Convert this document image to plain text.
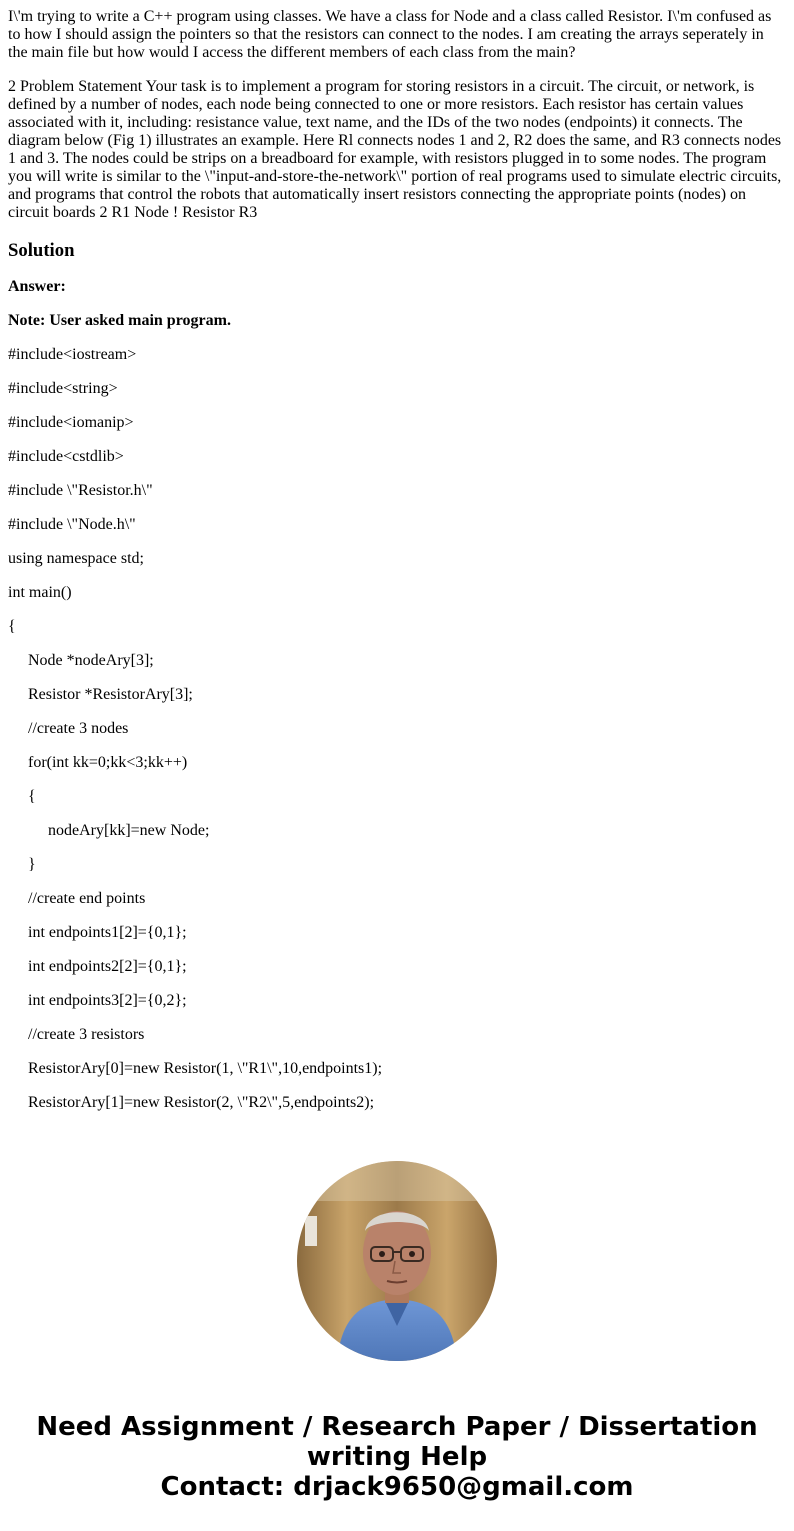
I\'m trying to write a C++ program using classes. We have a class for Node and a class called Resistor. I\'m confused as to how I should assign the pointers so that the resistors can connect to the nodes. I am creating the arrays seperately in the main file but how would I access the different members of each class from the main?

2 Problem Statement Your task is to implement a program for storing resistors in a circuit. The circuit, or network, is defined by a number of nodes, each node being connected to one or more resistors. Each resistor has certain values associated with it, including: resistance value, text name, and the IDs of the two nodes (endpoints) it connects. The diagram below (Fig 1) illustrates an example. Here Rl connects nodes 1 and 2, R2 does the same, and R3 connects nodes 1 and 3. The nodes could be strips on a breadboard for example, with resistors plugged in to some nodes. The program you will write is similar to the \"input-and-store-the-network\" portion of real programs used to simulate electric circuits, and programs that control the robots that automatically insert resistors connecting the appropriate points (nodes) on circuit boards 2 R1 Node ! Resistor R3

Solution

Answer:

Note: User asked main program.

#include<iostream>

#include<string>

#include<iomanip>

#include<cstdlib>

#include \"Resistor.h\"

#include \"Node.h\"

using namespace std;

int main()

{

Node *nodeAry[3];

Resistor *ResistorAry[3];

//create 3 nodes

for(int kk=0;kk<3;kk++)

{

nodeAry[kk]=new Node;

}

//create end points

int endpoints1[2]={0,1};

int endpoints2[2]={0,1};

int endpoints3[2]={0,2};

//create 3 resistors

ResistorAry[0]=new Resistor(1, \"R1\",10,endpoints1);

ResistorAry[1]=new Resistor(2, \"R2\",5,endpoints2);

Need Assignment / Research Paper / Dissertation
writing Help
Contact: drjack9650@gmail.com
